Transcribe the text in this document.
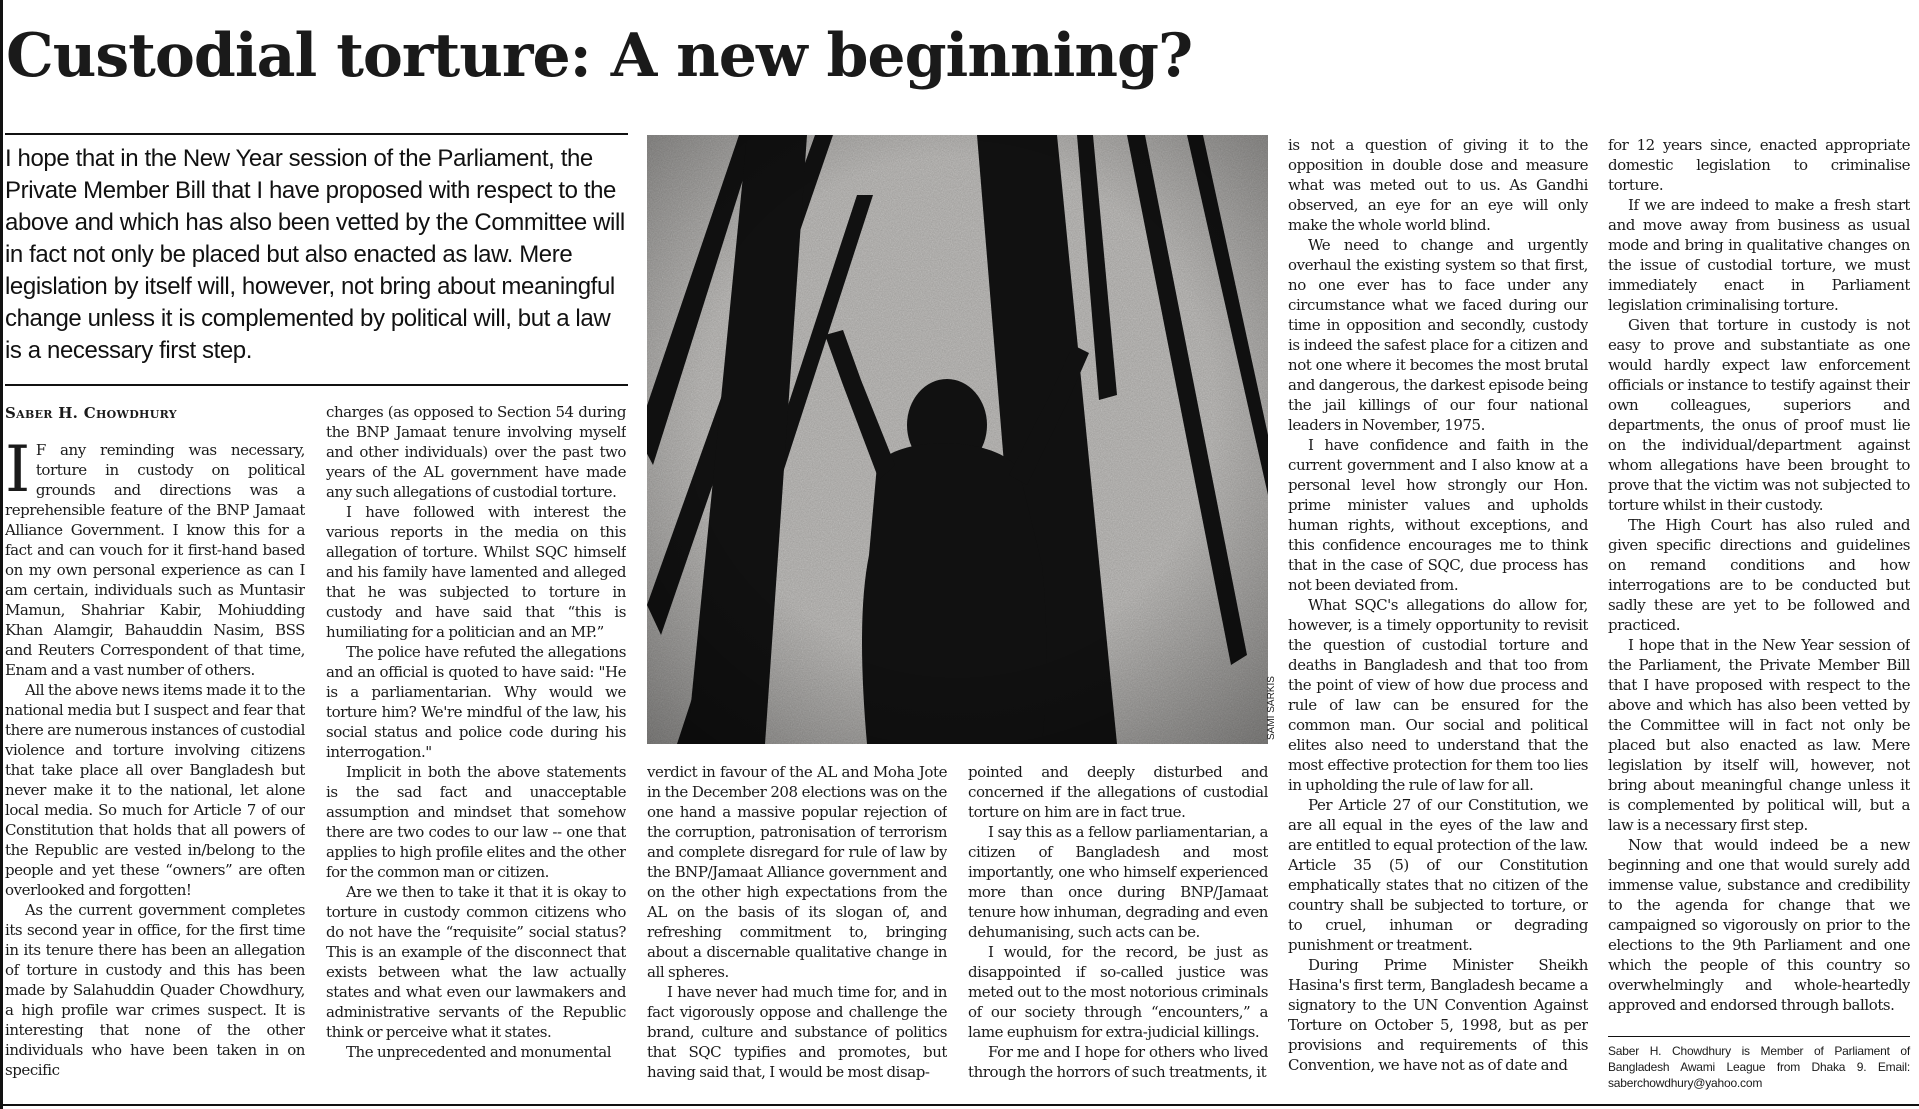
Custodial torture: A new beginning?

I hope that in the New Year session of the Parliament, the Private Member Bill that I have proposed with respect to the above and which has also been vetted by the Committee will in fact not only be placed but also enacted as law. Mere legislation by itself will, however, not bring about meaningful change unless it is complemented by political will, but a law is a necessary first step.

Saber H. Chowdhury

I F any reminding was necessary, torture in custody on political grounds and directions was a reprehensible feature of the BNP Jamaat Alliance Government. I know this for a fact and can vouch for it first-hand based on my own personal experience as can I am certain, individuals such as Muntasir Mamun, Shahriar Kabir, Mohiudding Khan Alamgir, Bahauddin Nasim, BSS and Reuters Correspondent of that time, Enam and a vast number of others.

All the above news items made it to the national media but I suspect and fear that there are numerous instances of custodial violence and torture involving citizens that take place all over Bangladesh but never make it to the national, let alone local media. So much for Article 7 of our Constitution that holds that all powers of the Republic are vested in/belong to the people and yet these “owners” are often overlooked and forgotten!

As the current government completes its second year in office, for the first time in its tenure there has been an allegation of torture in custody and this has been made by Salahuddin Quader Chowdhury, a high profile war crimes suspect. It is interesting that none of the other individuals who have been taken in on specific

charges (as opposed to Section 54 during the BNP Jamaat tenure involving myself and other individuals) over the past two years of the AL government have made any such allegations of custodial torture.

I have followed with interest the various reports in the media on this allegation of torture. Whilst SQC himself and his family have lamented and alleged that he was subjected to torture in custody and have said that “this is humiliating for a politician and an MP.”

The police have refuted the allegations and an official is quoted to have said: "He is a parliamentarian. Why would we torture him? We're mindful of the law, his social status and police code during his interrogation."

Implicit in both the above statements is the sad fact and unacceptable assumption and mindset that somehow there are two codes to our law -- one that applies to high profile elites and the other for the common man or citizen.

Are we then to take it that it is okay to torture in custody common citizens who do not have the “requisite” social status? This is an example of the disconnect that exists between what the law actually states and what even our lawmakers and administrative servants of the Republic think or perceive what it states.

The unprecedented and monumental

SAMI SARKIS

verdict in favour of the AL and Moha Jote in the December 208 elections was on the one hand a massive popular rejection of the corruption, patronisation of terrorism and complete disregard for rule of law by the BNP/Jamaat Alliance government and on the other high expectations from the AL on the basis of its slogan of, and refreshing commitment to, bringing about a discernable qualitative change in all spheres.

I have never had much time for, and in fact vigorously oppose and challenge the brand, culture and substance of politics that SQC typifies and promotes, but having said that, I would be most disap-

pointed and deeply disturbed and concerned if the allegations of custodial torture on him are in fact true.

I say this as a fellow parliamentarian, a citizen of Bangladesh and most importantly, one who himself experienced more than once during BNP/Jamaat tenure how inhuman, degrading and even dehumanising, such acts can be.

I would, for the record, be just as disappointed if so-called justice was meted out to the most notorious criminals of our society through “encounters,” a lame euphuism for extra-judicial killings.

For me and I hope for others who lived through the horrors of such treatments, it

is not a question of giving it to the opposition in double dose and measure what was meted out to us. As Gandhi observed, an eye for an eye will only make the whole world blind.

We need to change and urgently overhaul the existing system so that first, no one ever has to face under any circumstance what we faced during our time in opposition and secondly, custody is indeed the safest place for a citizen and not one where it becomes the most brutal and dangerous, the darkest episode being the jail killings of our four national leaders in November, 1975.

I have confidence and faith in the current government and I also know at a personal level how strongly our Hon. prime minister values and upholds human rights, without exceptions, and this confidence encourages me to think that in the case of SQC, due process has not been deviated from.

What SQC's allegations do allow for, however, is a timely opportunity to revisit the question of custodial torture and deaths in Bangladesh and that too from the point of view of how due process and rule of law can be ensured for the common man. Our social and political elites also need to understand that the most effective protection for them too lies in upholding the rule of law for all.

Per Article 27 of our Constitution, we are all equal in the eyes of the law and are entitled to equal protection of the law. Article 35 (5) of our Constitution emphatically states that no citizen of the country shall be subjected to torture, or to cruel, inhuman or degrading punishment or treatment.

During Prime Minister Sheikh Hasina's first term, Bangladesh became a signatory to the UN Convention Against Torture on October 5, 1998, but as per provisions and requirements of this Convention, we have not as of date and

for 12 years since, enacted appropriate domestic legislation to criminalise torture.

If we are indeed to make a fresh start and move away from business as usual mode and bring in qualitative changes on the issue of custodial torture, we must immediately enact in Parliament legislation criminalising torture.

Given that torture in custody is not easy to prove and substantiate as one would hardly expect law enforcement officials or instance to testify against their own colleagues, superiors and departments, the onus of proof must lie on the individual/department against whom allegations have been brought to prove that the victim was not subjected to torture whilst in their custody.

The High Court has also ruled and given specific directions and guidelines on remand conditions and how interrogations are to be conducted but sadly these are yet to be followed and practiced.

I hope that in the New Year session of the Parliament, the Private Member Bill that I have proposed with respect to the above and which has also been vetted by the Committee will in fact not only be placed but also enacted as law. Mere legislation by itself will, however, not bring about meaningful change unless it is complemented by political will, but a law is a necessary first step.

Now that would indeed be a new beginning and one that would surely add immense value, substance and credibility to the agenda for change that we campaigned so vigorously on prior to the elections to the 9th Parliament and one which the people of this country so overwhelmingly and whole-heartedly approved and endorsed through ballots.

Saber H. Chowdhury is Member of Parliament of Bangladesh Awami League from Dhaka 9. Email: saberchowdhury@yahoo.com
